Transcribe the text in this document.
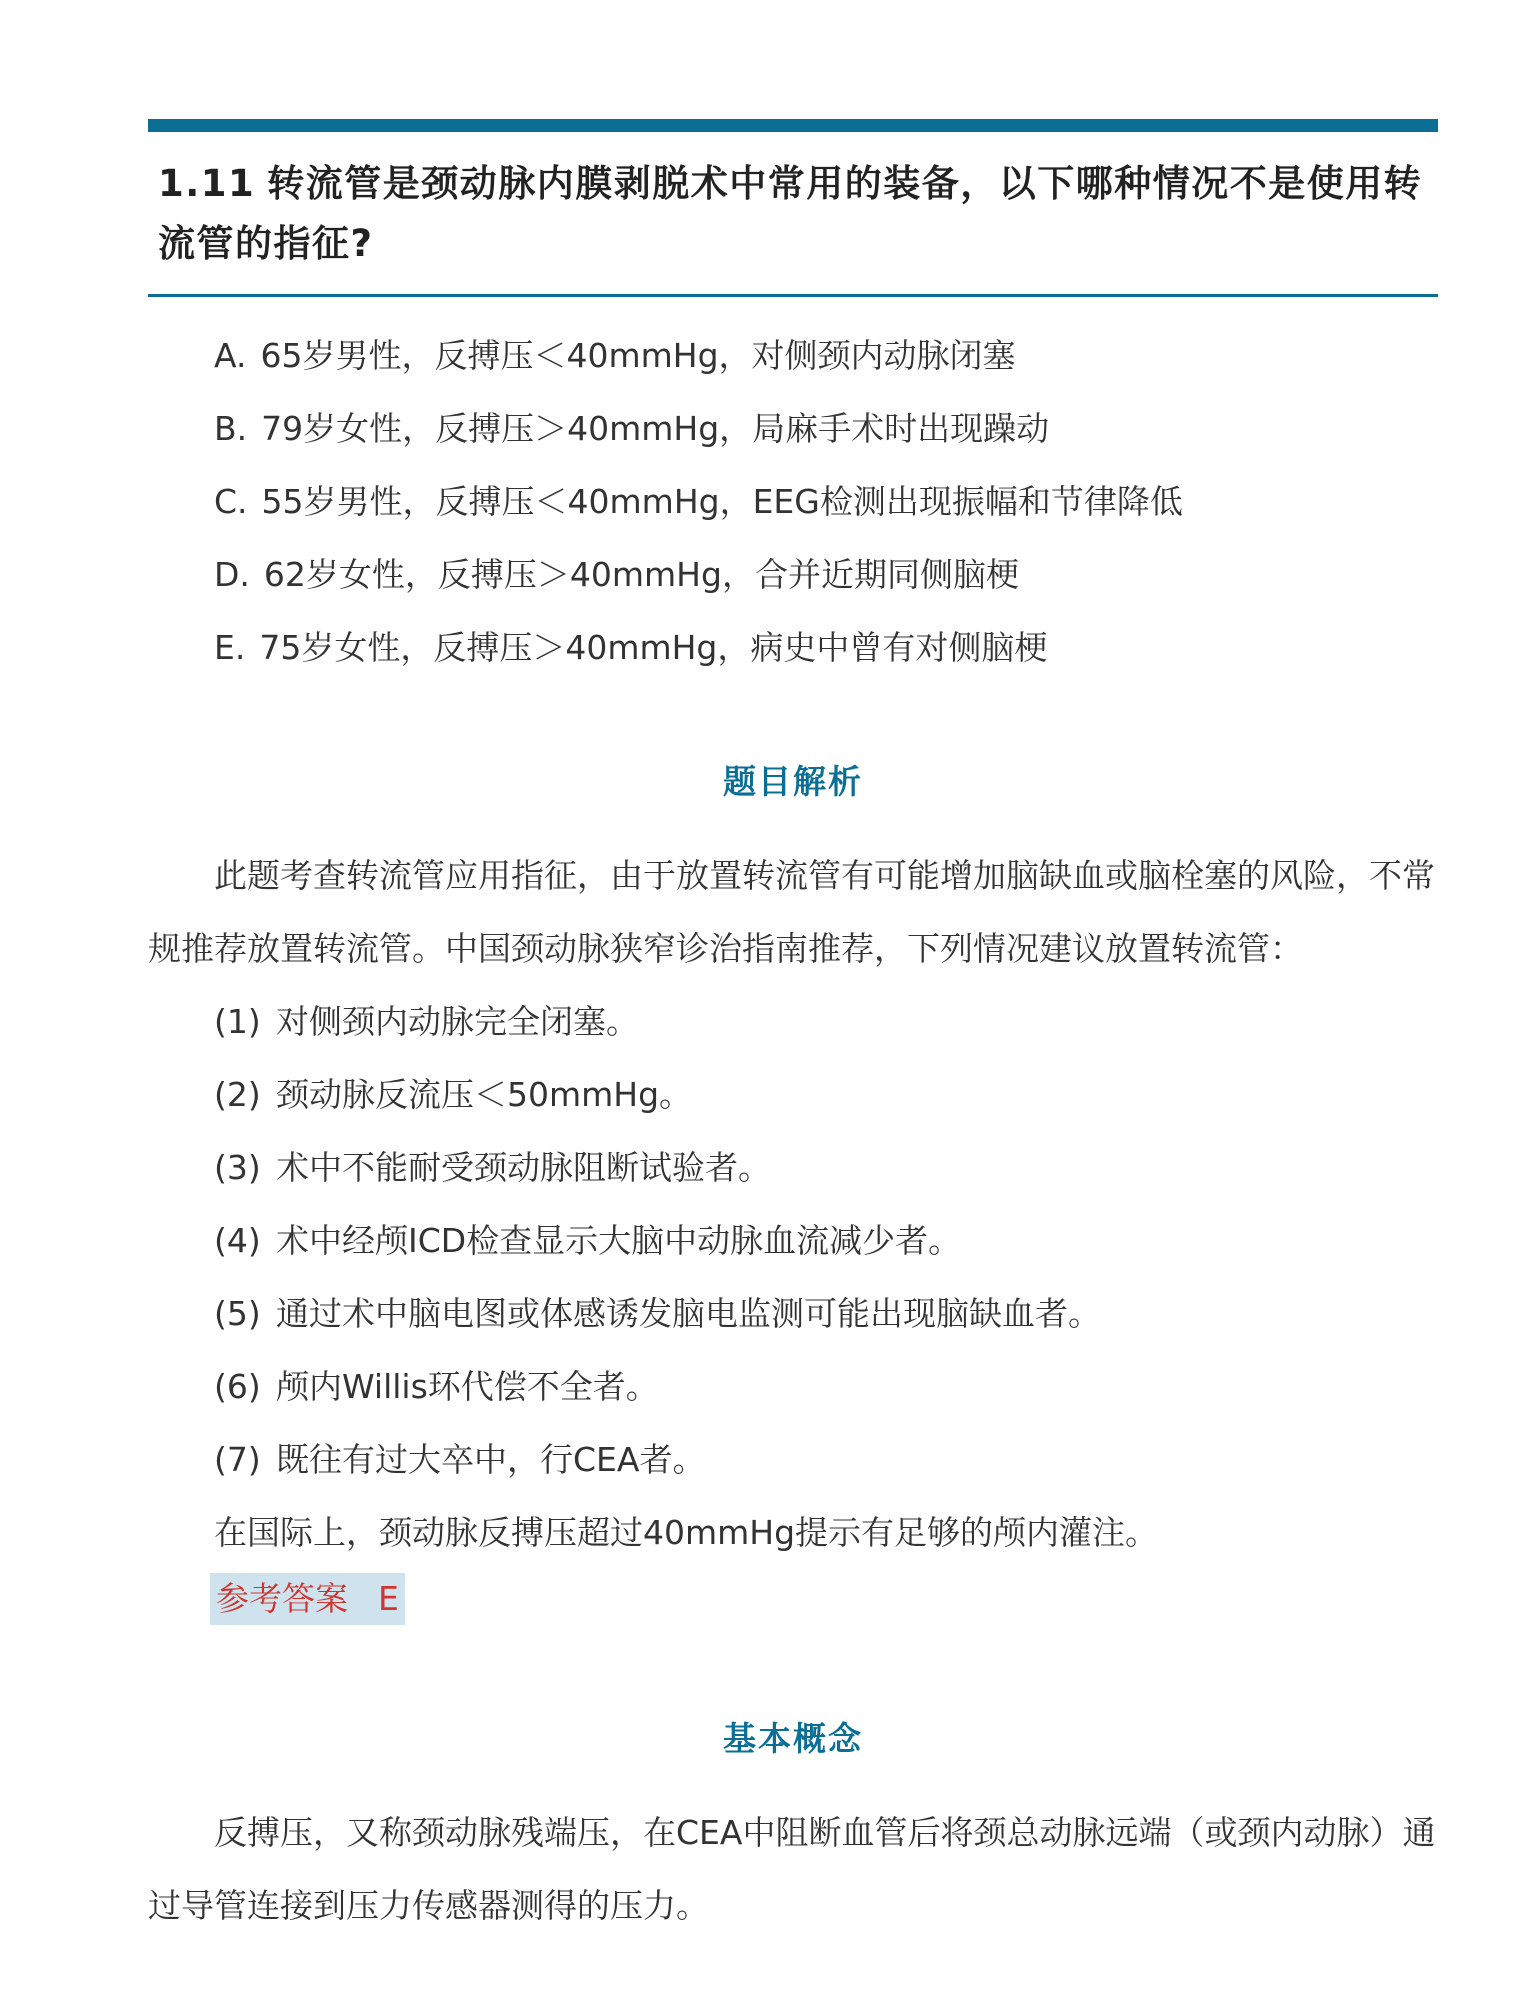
1.11 转流管是颈动脉内膜剥脱术中常用的装备，以下哪种情况不是使用转流管的指征?
A. 65岁男性，反搏压＜40mmHg，对侧颈内动脉闭塞
B. 79岁女性，反搏压＞40mmHg，局麻手术时出现躁动
C. 55岁男性，反搏压＜40mmHg，EEG检测出现振幅和节律降低
D. 62岁女性，反搏压＞40mmHg，合并近期同侧脑梗
E. 75岁女性，反搏压＞40mmHg，病史中曾有对侧脑梗
题目解析
此题考查转流管应用指征，由于放置转流管有可能增加脑缺血或脑栓塞的风险，不常规推荐放置转流管。中国颈动脉狭窄诊治指南推荐，下列情况建议放置转流管：
(1) 对侧颈内动脉完全闭塞。
(2) 颈动脉反流压＜50mmHg。
(3) 术中不能耐受颈动脉阻断试验者。
(4) 术中经颅ICD检查显示大脑中动脉血流减少者。
(5) 通过术中脑电图或体感诱发脑电监测可能出现脑缺血者。
(6) 颅内Willis环代偿不全者。
(7) 既往有过大卒中，行CEA者。
在国际上，颈动脉反搏压超过40mmHg提示有足够的颅内灌注。
参考答案 E
基本概念
反搏压，又称颈动脉残端压，在CEA中阻断血管后将颈总动脉远端（或颈内动脉）通过导管连接到压力传感器测得的压力。
